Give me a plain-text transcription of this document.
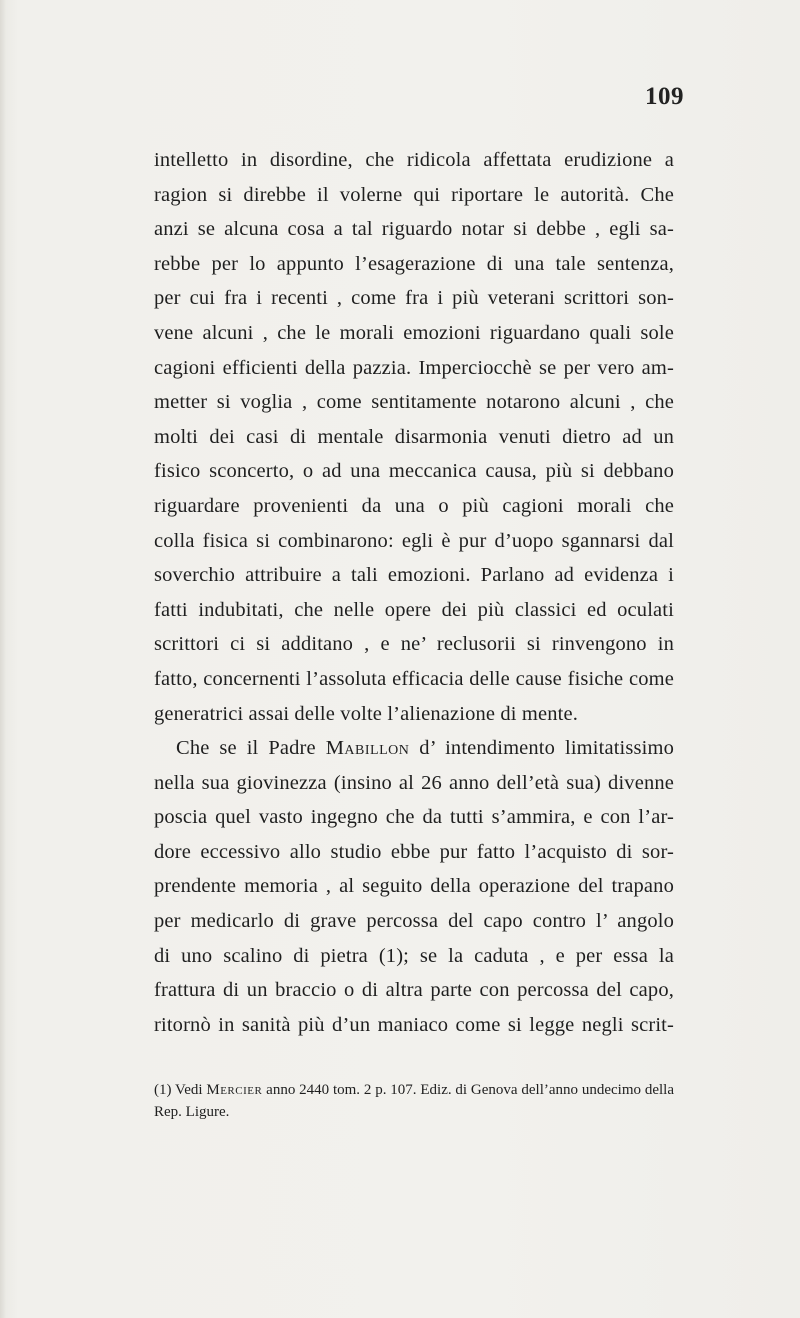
109
intelletto in disordine, che ridicola affettata erudizione a
ragion si direbbe il volerne qui riportare le autorità. Che
anzi se alcuna cosa a tal riguardo notar si debbe , egli sa-
rebbe per lo appunto l’esagerazione di una tale sentenza,
per cui fra i recenti , come fra i più veterani scrittori son-
vene alcuni , che le morali emozioni riguardano quali sole
cagioni efficienti della pazzia. Imperciocchè se per vero am-
metter si voglia , come sentitamente notarono alcuni , che
molti dei casi di mentale disarmonia venuti dietro ad un
fisico sconcerto, o ad una meccanica causa, più si debbano
riguardare provenienti da una o più cagioni morali che
colla fisica si combinarono: egli è pur d’uopo sgannarsi dal
soverchio attribuire a tali emozioni. Parlano ad evidenza i
fatti indubitati, che nelle opere dei più classici ed oculati
scrittori ci si additano , e ne’ reclusorii si rinvengono in
fatto, concernenti l’assoluta efficacia delle cause fisiche come
generatrici assai delle volte l’alienazione di mente.
Che se il Padre Mabillon d’ intendimento limitatissimo
nella sua giovinezza (insino al 26 anno dell’età sua) divenne
poscia quel vasto ingegno che da tutti s’ammira, e con l’ar-
dore eccessivo allo studio ebbe pur fatto l’acquisto di sor-
prendente memoria , al seguito della operazione del trapano
per medicarlo di grave percossa del capo contro l’ angolo
di uno scalino di pietra (1); se la caduta , e per essa la
frattura di un braccio o di altra parte con percossa del capo,
ritornò in sanità più d’un maniaco come si legge negli scrit-
(1) Vedi Mercier anno 2440 tom. 2 p. 107. Ediz. di Genova dell’anno undecimo della
Rep. Ligure.
